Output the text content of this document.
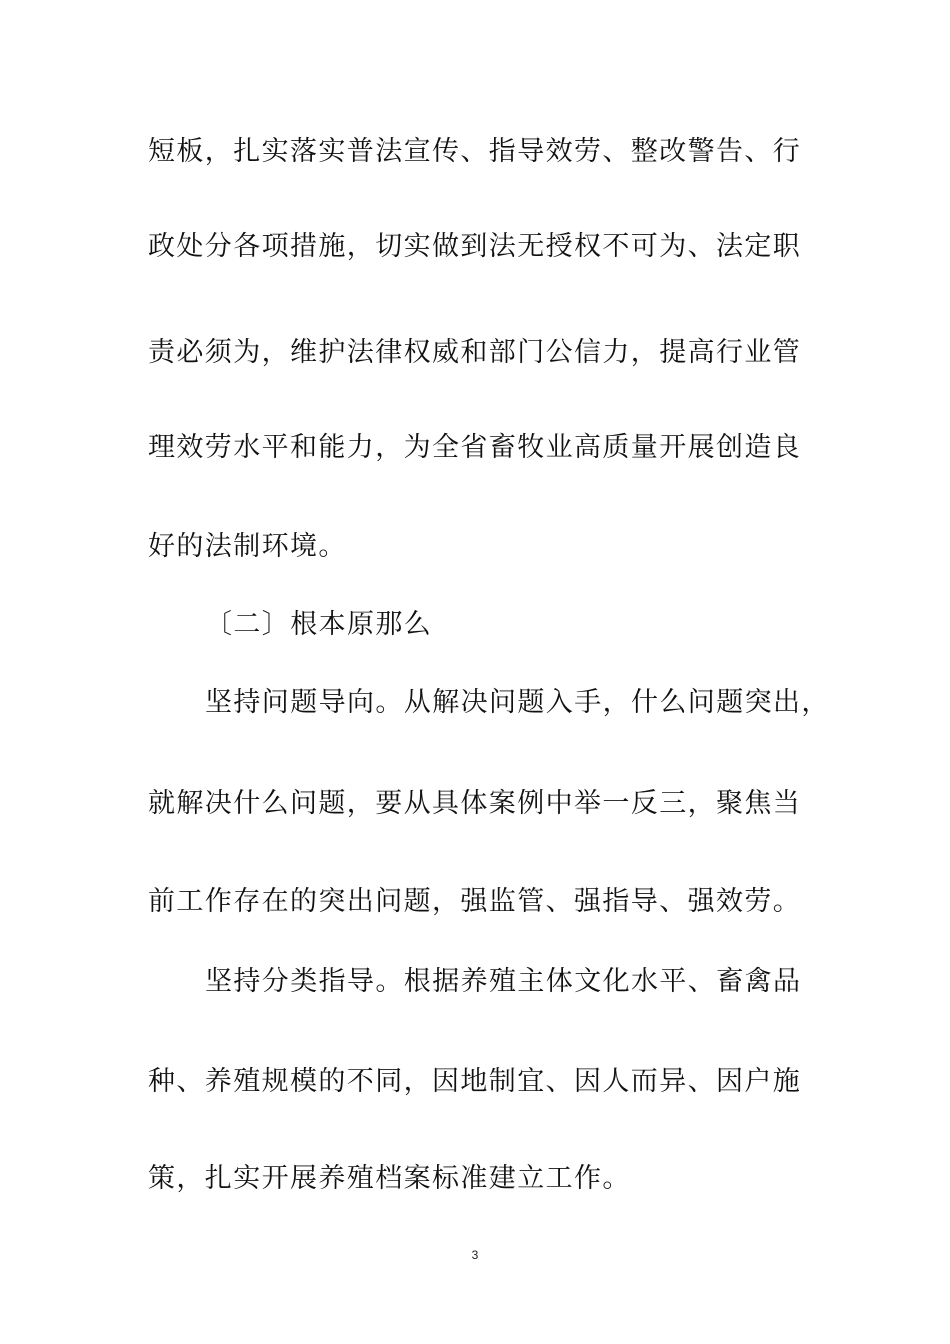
短板，扎实落实普法宣传、指导效劳、整改警告、行
政处分各项措施，切实做到法无授权不可为、法定职
责必须为，维护法律权威和部门公信力，提高行业管
理效劳水平和能力，为全省畜牧业高质量开展创造良
好的法制环境。
〔二〕根本原那么
坚持问题导向。从解决问题入手，什么问题突出，
就解决什么问题，要从具体案例中举一反三，聚焦当
前工作存在的突出问题，强监管、强指导、强效劳。
坚持分类指导。根据养殖主体文化水平、畜禽品
种、养殖规模的不同，因地制宜、因人而异、因户施
策，扎实开展养殖档案标准建立工作。
3
